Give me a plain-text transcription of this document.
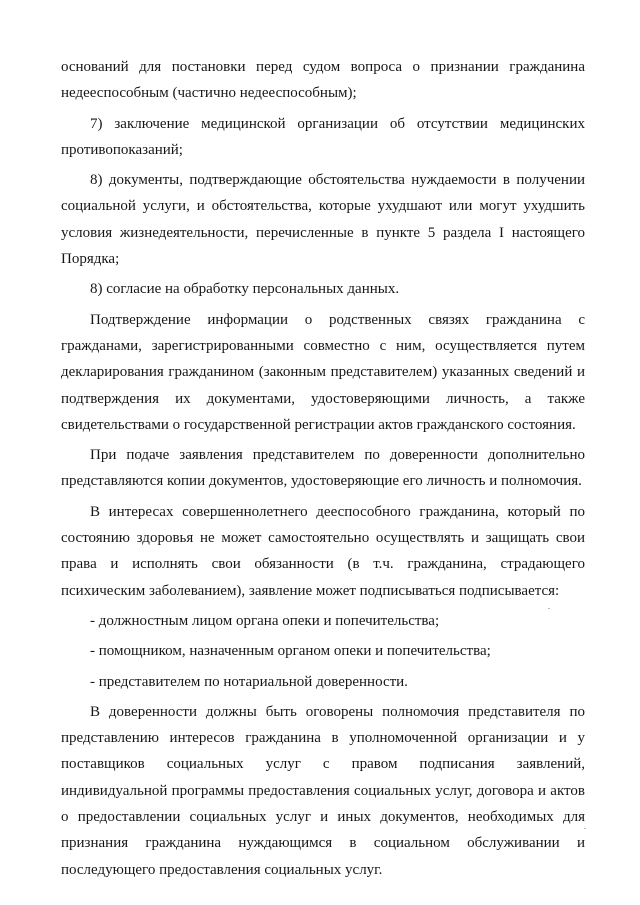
оснований для постановки перед судом вопроса о признании гражданина недееспособным (частично недееспособным);

7) заключение медицинской организации об отсутствии медицинских противопоказаний;

8) документы, подтверждающие обстоятельства нуждаемости в получении социальной услуги, и обстоятельства, которые ухудшают или могут ухудшить условия жизнедеятельности, перечисленные в пункте 5 раздела I настоящего Порядка;

8) согласие на обработку персональных данных.

Подтверждение информации о родственных связях гражданина с гражданами, зарегистрированными совместно с ним, осуществляется путем декларирования гражданином (законным представителем) указанных сведений и подтверждения их документами, удостоверяющими личность, а также свидетельствами о государственной регистрации актов гражданского состояния.

При подаче заявления представителем по доверенности дополнительно представляются копии документов, удостоверяющие его личность и полномочия.

В интересах совершеннолетнего дееспособного гражданина, который по состоянию здоровья не может самостоятельно осуществлять и защищать свои права и исполнять свои обязанности (в т.ч. гражданина, страдающего психическим заболеванием), заявление может подписываться подписывается:

- должностным лицом органа опеки и попечительства;

- помощником, назначенным органом опеки и попечительства;

- представителем по нотариальной доверенности.

В доверенности должны быть оговорены полномочия представителя по представлению интересов гражданина в уполномоченной организации и у поставщиков социальных услуг с правом подписания заявлений, индивидуальной программы предоставления социальных услуг, договора и актов о предоставлении социальных услуг и иных документов, необходимых для признания гражданина нуждающимся в социальном обслуживании и последующего предоставления социальных услуг.
